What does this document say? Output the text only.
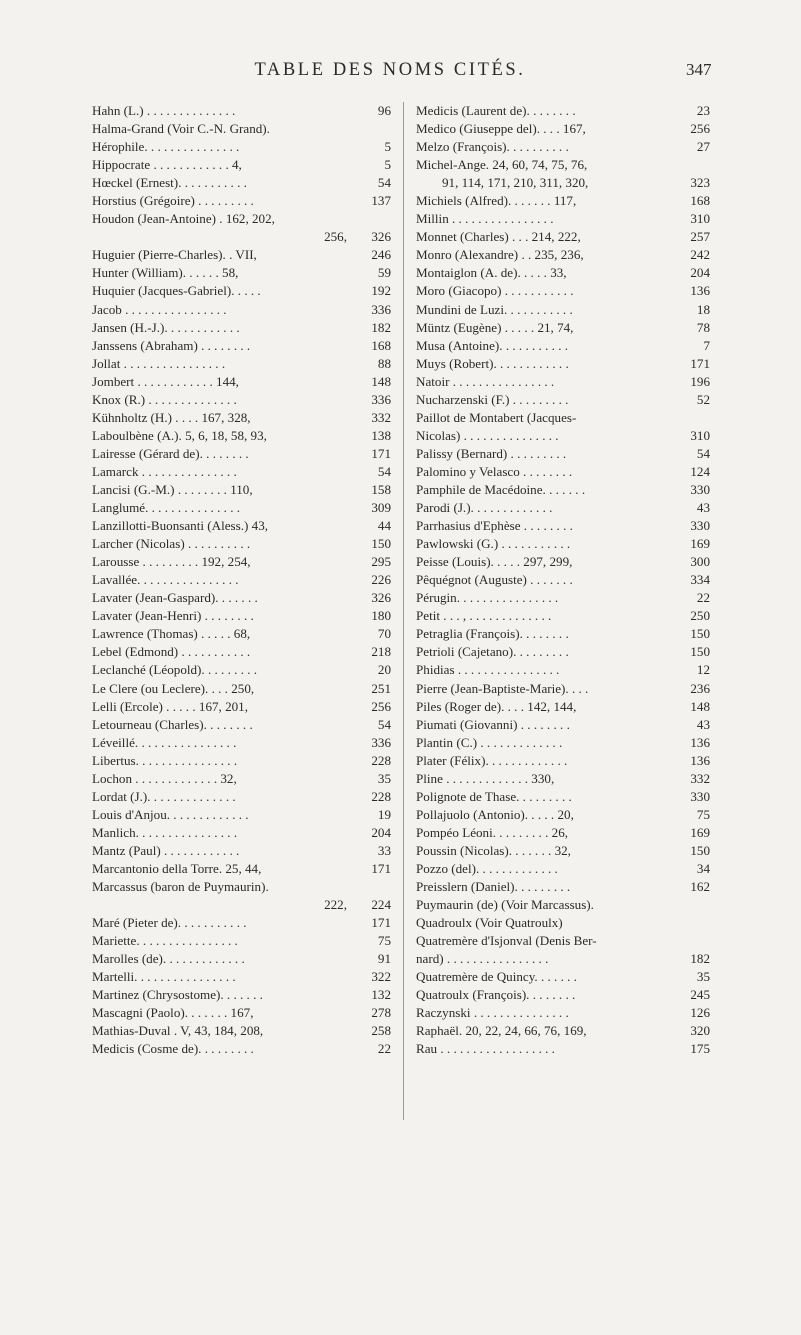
TABLE DES NOMS CITÉS.	347
Hahn (L.) . . . . . . . . . . . . . .	96
Halma-Grand (Voir C.-N. Grand).
Hérophile. . . . . . . . . . . . . . .	5
Hippocrate . . . . . . . . . . . . 4,	5
Hœckel (Ernest). . . . . . . . . . .	54
Horstius (Grégoire) . . . . . . . . .	137
Houdon (Jean-Antoine) . 162, 202,
256,	326
Huguier (Pierre-Charles). . VII,	246
Hunter (William). . . . . . 58,	59
Huquier (Jacques-Gabriel). . . . .	192
Jacob . . . . . . . . . . . . . . . .	336
Jansen (H.-J.). . . . . . . . . . . .	182
Janssens (Abraham) . . . . . . . .	168
Jollat . . . . . . . . . . . . . . . .	88
Jombert . . . . . . . . . . . . 144,	148
Knox (R.) . . . . . . . . . . . . . .	336
Kühnholtz (H.) . . . . 167, 328,	332
Laboulbène (A.). 5, 6, 18, 58, 93,	138
Lairesse (Gérard de). . . . . . . .	171
Lamarck . . . . . . . . . . . . . . .	54
Lancisi (G.-M.) . . . . . . . . 110,	158
Langlumé. . . . . . . . . . . . . . .	309
Lanzillotti-Buonsanti (Aless.) 43,	44
Larcher (Nicolas) . . . . . . . . . .	150
Larousse . . . . . . . . . 192, 254,	295
Lavallée. . . . . . . . . . . . . . . .	226
Lavater (Jean-Gaspard). . . . . . .	326
Lavater (Jean-Henri) . . . . . . . .	180
Lawrence (Thomas) . . . . . 68,	70
Lebel (Edmond) . . . . . . . . . . .	218
Leclanché (Léopold). . . . . . . . .	20
Le Clere (ou Leclere). . . . 250,	251
Lelli (Ercole) . . . . . 167, 201,	256
Letourneau (Charles). . . . . . . .	54
Léveillé. . . . . . . . . . . . . . . .	336
Libertus. . . . . . . . . . . . . . . .	228
Lochon . . . . . . . . . . . . . 32,	35
Lordat (J.). . . . . . . . . . . . . .	228
Louis d'Anjou. . . . . . . . . . . . .	19
Manlich. . . . . . . . . . . . . . . .	204
Mantz (Paul) . . . . . . . . . . . .	33
Marcantonio della Torre. 25, 44,	171
Marcassus (baron de Puymaurin).
222,	224
Maré (Pieter de). . . . . . . . . . .	171
Mariette. . . . . . . . . . . . . . . .	75
Marolles (de). . . . . . . . . . . . .	91
Martelli. . . . . . . . . . . . . . . .	322
Martinez (Chrysostome). . . . . . .	132
Mascagni (Paolo). . . . . . . 167,	278
Mathias-Duval . V, 43, 184, 208,	258
Medicis (Cosme de). . . . . . . . .	22
Medicis (Laurent de). . . . . . . .	23
Medico (Giuseppe del). . . . 167,	256
Melzo (François). . . . . . . . . .	27
Michel-Ange. 24, 60, 74, 75, 76,
91, 114, 171, 210, 311, 320,	323
Michiels (Alfred). . . . . . . 117,	168
Millin . . . . . . . . . . . . . . . .	310
Monnet (Charles) . . . 214, 222,	257
Monro (Alexandre) . . 235, 236,	242
Montaiglon (A. de). . . . . 33,	204
Moro (Giacopo) . . . . . . . . . . .	136
Mundini de Luzi. . . . . . . . . . .	18
Müntz (Eugène) . . . . . 21, 74,	78
Musa (Antoine). . . . . . . . . . .	7
Muys (Robert). . . . . . . . . . . .	171
Natoir . . . . . . . . . . . . . . . .	196
Nucharzenski (F.) . . . . . . . . .	52
Paillot de Montabert (Jacques-
Nicolas) . . . . . . . . . . . . . . .	310
Palissy (Bernard) . . . . . . . . .	54
Palomino y Velasco . . . . . . . .	124
Pamphile de Macédoine. . . . . . .	330
Parodi (J.). . . . . . . . . . . . .	43
Parrhasius d'Ephèse . . . . . . . .	330
Pawlowski (G.) . . . . . . . . . . .	169
Peisse (Louis). . . . . 297, 299,	300
Pêquégnot (Auguste) . . . . . . .	334
Pérugin. . . . . . . . . . . . . . . .	22
Petit . . . , . . . . . . . . . . . . .	250
Petraglia (François). . . . . . . .	150
Petrioli (Cajetano). . . . . . . . .	150
Phidias . . . . . . . . . . . . . . . .	12
Pierre (Jean-Baptiste-Marie). . . .	236
Piles (Roger de). . . . 142, 144,	148
Piumati (Giovanni) . . . . . . . .	43
Plantin (C.) . . . . . . . . . . . . .	136
Plater (Félix). . . . . . . . . . . . .	136
Pline . . . . . . . . . . . . . 330,	332
Polignote de Thase. . . . . . . . .	330
Pollajuolo (Antonio). . . . . 20,	75
Pompéo Léoni. . . . . . . . . 26,	169
Poussin (Nicolas). . . . . . . 32,	150
Pozzo (del). . . . . . . . . . . . .	34
Preisslern (Daniel). . . . . . . . .	162
Puymaurin (de) (Voir Marcassus).
Quadroulx (Voir Quatroulx)
Quatremère d'Isjonval (Denis Ber-
nard) . . . . . . . . . . . . . . . .	182
Quatremère de Quincy. . . . . . .	35
Quatroulx (François). . . . . . . .	245
Raczynski . . . . . . . . . . . . . . .	126
Raphaël. 20, 22, 24, 66, 76, 169,	320
Rau . . . . . . . . . . . . . . . . . .	175
